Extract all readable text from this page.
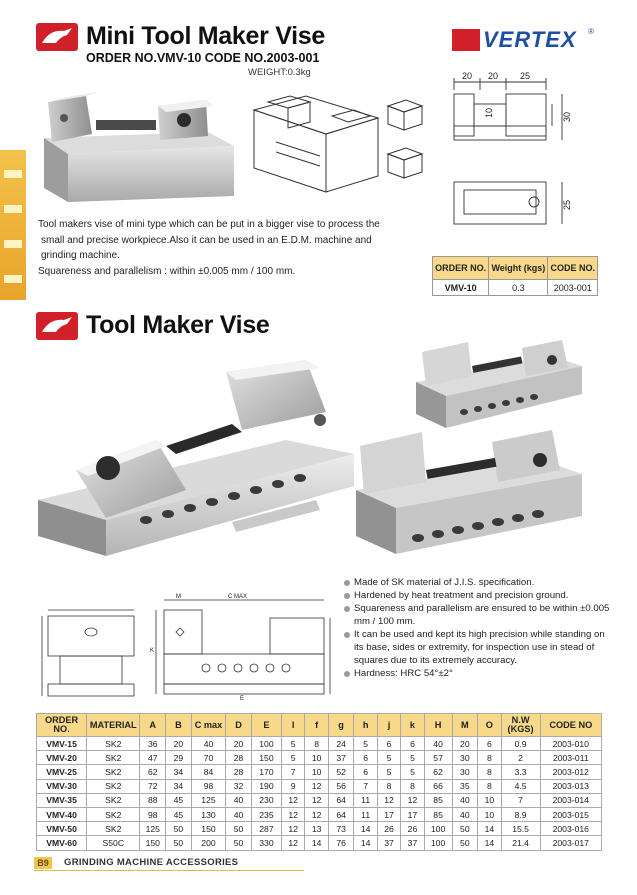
Mini Tool Maker Vise	VERTEX ®
ORDER NO.VMV-10 CODE NO.2003-001
WEIGHT:0.3kg	20 20 25
10	30
25
Tool makers vise of mini type which can be put in a bigger vise to process the
small and precise workpiece.Also it can be used in an E.D.M. machine and
grinding machine.
Squareness and parallelism : within ±0.005 mm / 100 mm.	ORDER NO.	Weight (kgs)	CODE NO.
VMV-10	0.3	2003-001
Tool Maker Vise
M	C MAX
K
E
Made of SK material of J.I.S. specification.
Hardened by heat treatment and precision ground.
Squareness and parallelism are ensured to be within ±0.005 mm / 100 mm.
It can be used and kept its high precision while standing on its base, sides or extremity, for inspection use in stead of squares due to its extremely accuracy.
Hardness: HRC 54°±2°
ORDER NO.	MATERIAL	A	B	C max	D	E	I	f	g	h	j	k	H	M	O	N.W (KGS)	CODE NO
VMV-15	SK2	36	20	40	20	100	5	8	24	5	6	6	40	20	6	0.9	2003-010
VMV-20	SK2	47	29	70	28	150	5	10	37	6	5	5	57	30	8	2	2003-011
VMV-25	SK2	62	34	84	28	170	7	10	52	6	5	5	62	30	8	3.3	2003-012
VMV-30	SK2	72	34	98	32	190	9	12	56	7	8	8	66	35	8	4.5	2003-013
VMV-35	SK2	88	45	125	40	230	12	12	64	11	12	12	85	40	10	7	2003-014
VMV-40	SK2	98	45	130	40	235	12	12	64	11	17	17	85	40	10	8.9	2003-015
VMV-50	SK2	125	50	150	50	287	12	13	73	14	26	26	100	50	14	15.5	2003-016
VMV-60	S50C	150	50	200	50	330	12	14	76	14	37	37	100	50	14	21.4	2003-017
B9	GRINDING MACHINE ACCESSORIES
